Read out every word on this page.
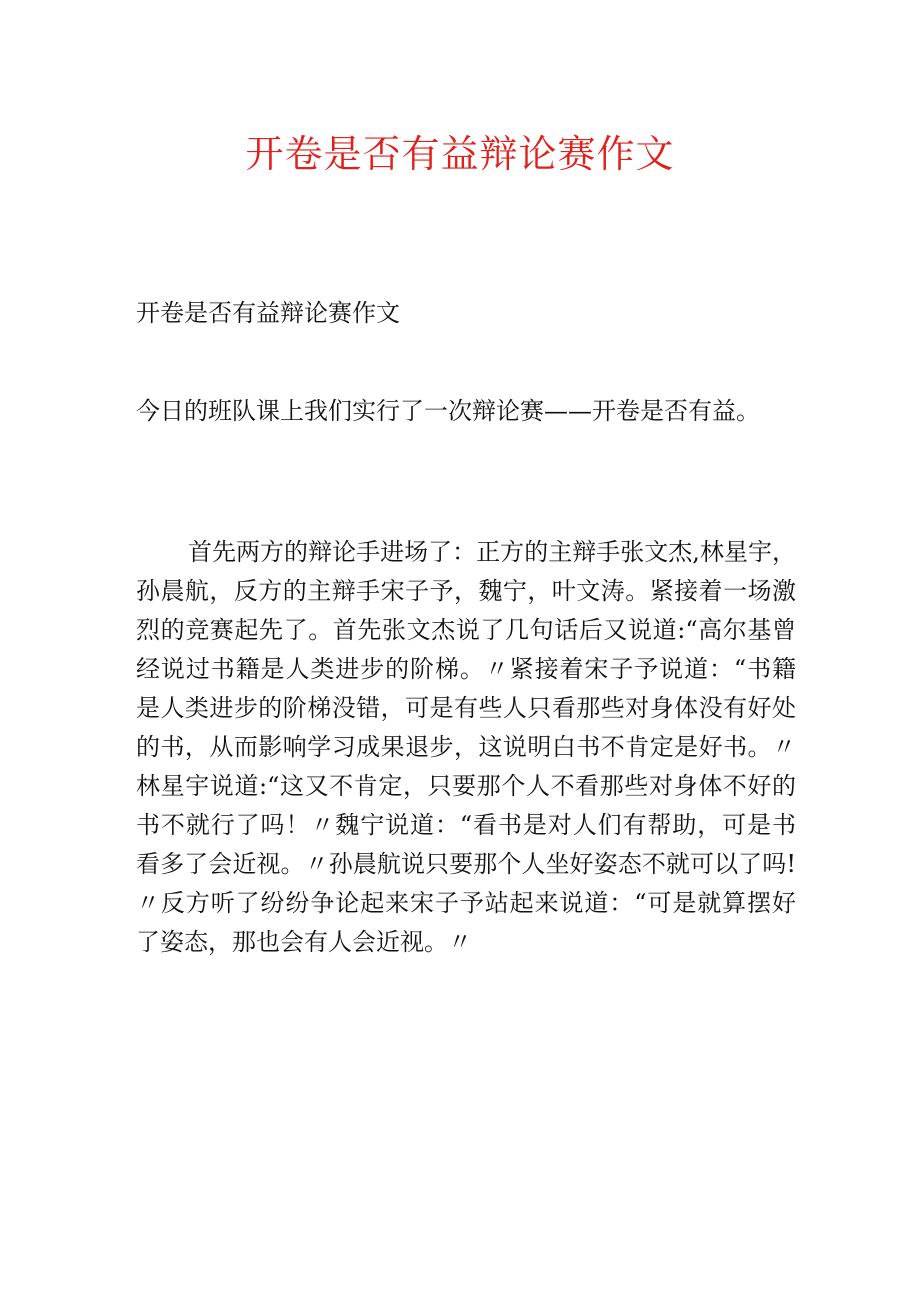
开卷是否有益辩论赛作文

开卷是否有益辩论赛作文

今日的班队课上我们实行了一次辩论赛——开卷是否有益。

首先两方的辩论手进场了：正方的主辩手张文杰,林星宇，孙晨航，反方的主辩手宋子予，魏宁，叶文涛。紧接着一场激烈的竞赛起先了。首先张文杰说了几句话后又说道:“高尔基曾经说过书籍是人类进步的阶梯。〃紧接着宋子予说道：“书籍是人类进步的阶梯没错，可是有些人只看那些对身体没有好处的书，从而影响学习成果退步，这说明白书不肯定是好书。〃林星宇说道:“这又不肯定，只要那个人不看那些对身体不好的书不就行了吗！〃魏宁说道：“看书是对人们有帮助，可是书看多了会近视。〃孙晨航说只要那个人坐好姿态不就可以了吗!〃反方听了纷纷争论起来宋子予站起来说道：“可是就算摆好了姿态，那也会有人会近视。〃
